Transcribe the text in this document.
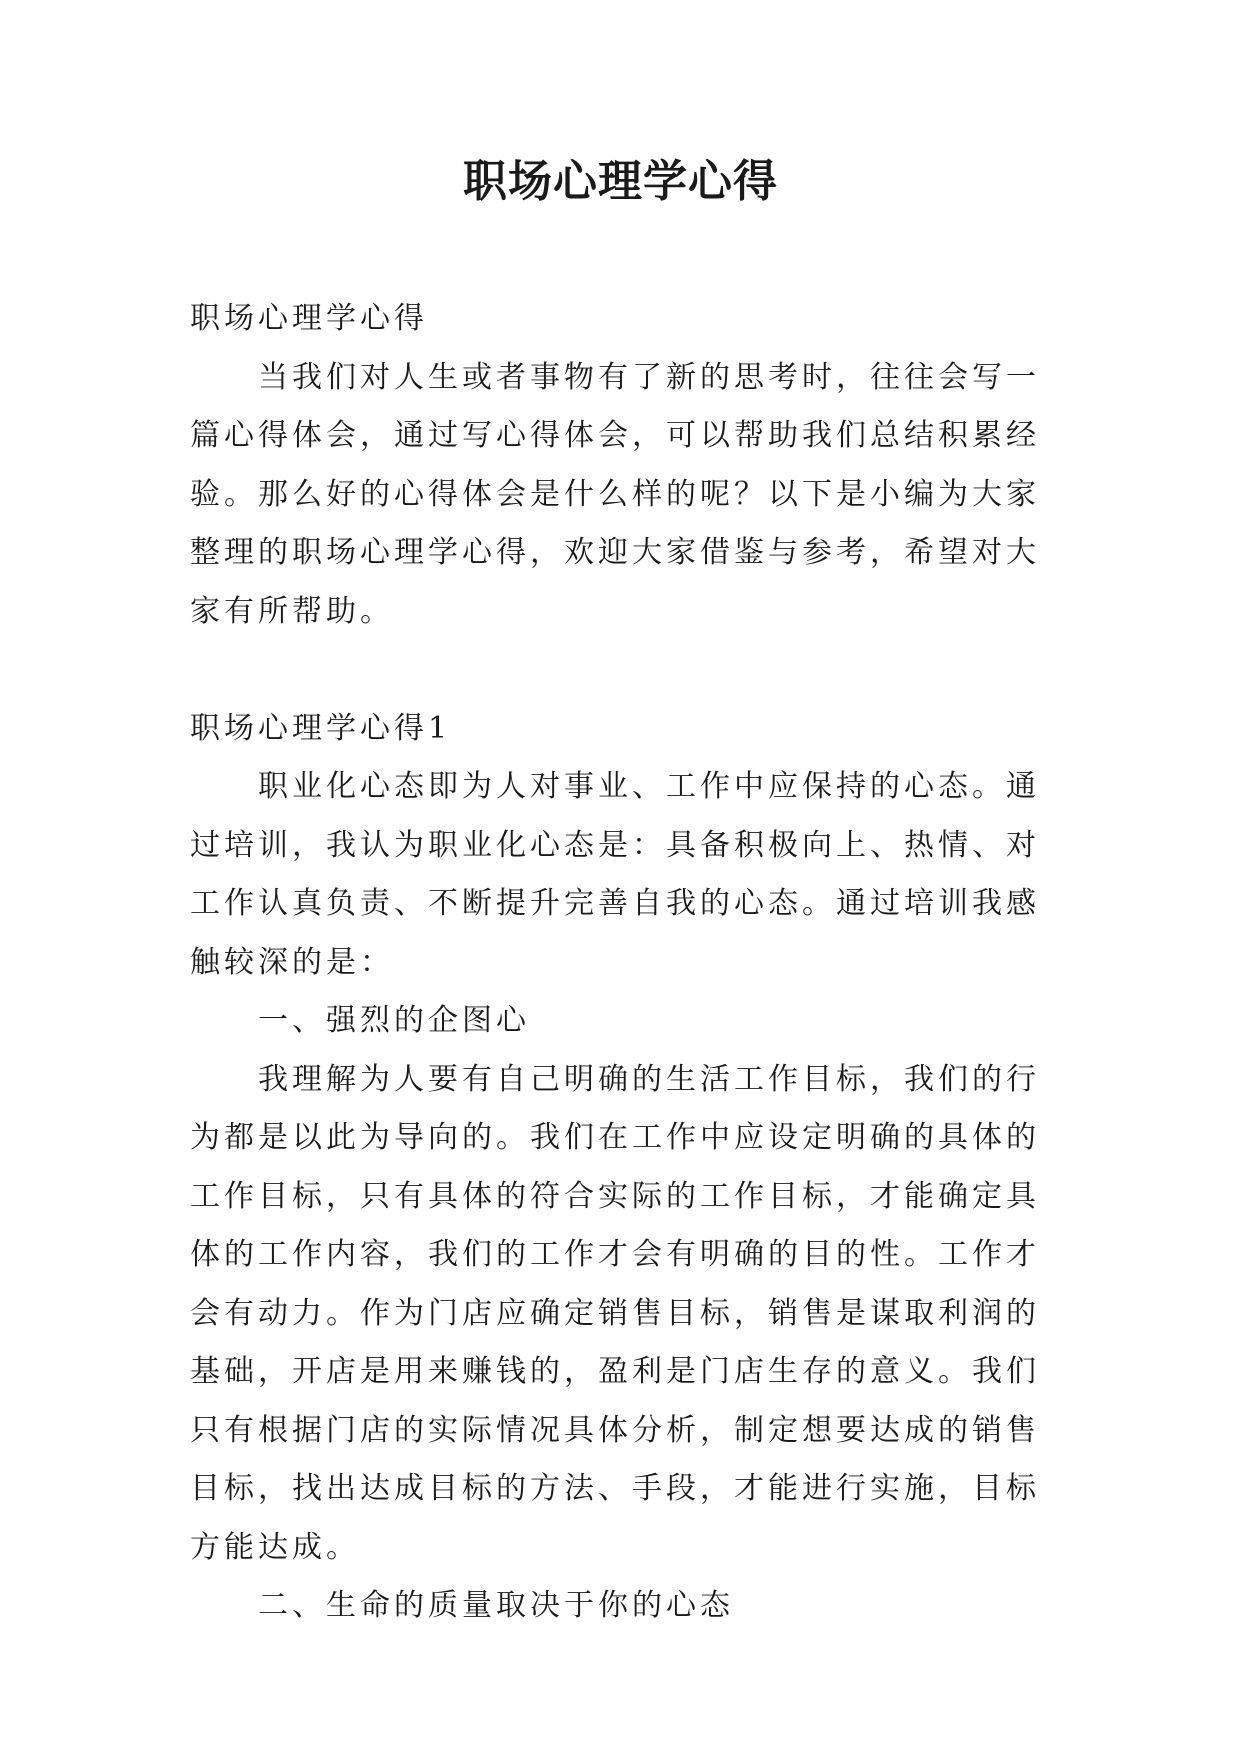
职场心理学心得

职场心理学心得

当我们对人生或者事物有了新的思考时，往往会写一篇心得体会，通过写心得体会，可以帮助我们总结积累经验。那么好的心得体会是什么样的呢？以下是小编为大家整理的职场心理学心得，欢迎大家借鉴与参考，希望对大家有所帮助。

职场心理学心得1

职业化心态即为人对事业、工作中应保持的心态。通过培训，我认为职业化心态是：具备积极向上、热情、对工作认真负责、不断提升完善自我的心态。通过培训我感触较深的是：

一、强烈的企图心

我理解为人要有自己明确的生活工作目标，我们的行为都是以此为导向的。我们在工作中应设定明确的具体的工作目标，只有具体的符合实际的工作目标，才能确定具体的工作内容，我们的工作才会有明确的目的性。工作才会有动力。作为门店应确定销售目标，销售是谋取利润的基础，开店是用来赚钱的，盈利是门店生存的意义。我们只有根据门店的实际情况具体分析，制定想要达成的销售目标，找出达成目标的方法、手段，才能进行实施，目标方能达成。

二、生命的质量取决于你的心态
